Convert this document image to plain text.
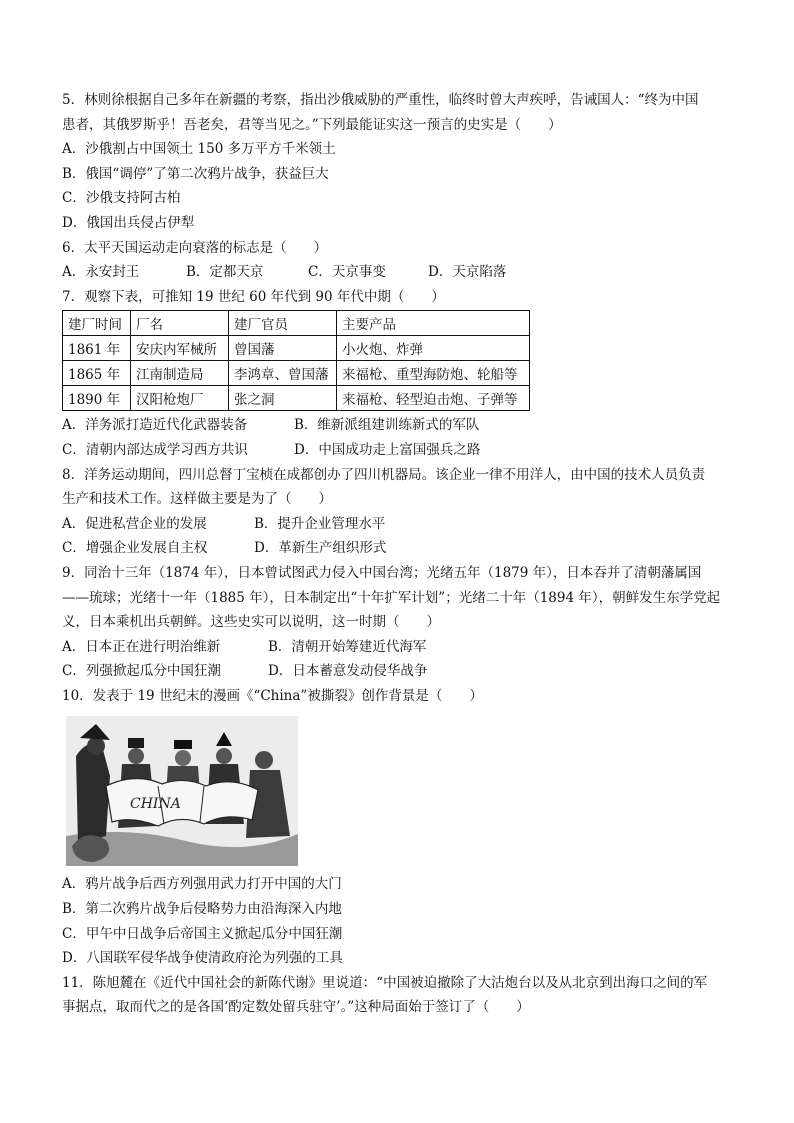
5．林则徐根据自己多年在新疆的考察，指出沙俄威胁的严重性，临终时曾大声疾呼，告诫国人：“终为中国
患者，其俄罗斯乎！吾老矣，君等当见之。”下列最能证实这一预言的史实是（　　）
A．沙俄割占中国领土 150 多万平方千米领土
B．俄国“调停”了第二次鸦片战争，获益巨大
C．沙俄支持阿古柏
D．俄国出兵侵占伊犁
6．太平天国运动走向衰落的标志是（　　）
A．永安封王	B．定都天京	C．天京事变	D．天京陷落
7．观察下表，可推知 19 世纪 60 年代到 90 年代中期（　　）
建厂时间	厂名	建厂官员	主要产品
1861 年	安庆内军械所	曾国藩	小火炮、炸弹
1865 年	江南制造局	李鸿章、曾国藩	来福枪、重型海防炮、轮船等
1890 年	汉阳枪炮厂	张之洞	来福枪、轻型迫击炮、子弹等
A．洋务派打造近代化武器装备	B．维新派组建训练新式的军队
C．清朝内部达成学习西方共识	D．中国成功走上富国强兵之路
8．洋务运动期间，四川总督丁宝桢在成都创办了四川机器局。该企业一律不用洋人，由中国的技术人员负责
生产和技术工作。这样做主要是为了（　　）
A．促进私营企业的发展	B．提升企业管理水平
C．增强企业发展自主权	D．革新生产组织形式
9．同治十三年（1874 年），日本曾试图武力侵入中国台湾；光绪五年（1879 年），日本吞并了清朝藩属国
——琉球；光绪十一年（1885 年），日本制定出“十年扩军计划”；光绪二十年（1894 年），朝鲜发生东学党起
义，日本乘机出兵朝鲜。这些史实可以说明，这一时期（　　）
A．日本正在进行明治维新	B．清朝开始筹建近代海军
C．列强掀起瓜分中国狂潮	D．日本蓄意发动侵华战争
10．发表于 19 世纪末的漫画《“China”被撕裂》创作背景是（　　）
CHINA
A．鸦片战争后西方列强用武力打开中国的大门
B．第二次鸦片战争后侵略势力由沿海深入内地
C．甲午中日战争后帝国主义掀起瓜分中国狂潮
D．八国联军侵华战争使清政府沦为列强的工具
11．陈旭麓在《近代中国社会的新陈代谢》里说道：“中国被迫撤除了大沽炮台以及从北京到出海口之间的军
事据点，取而代之的是各国‘酌定数处留兵驻守’。”这种局面始于签订了（　　）
